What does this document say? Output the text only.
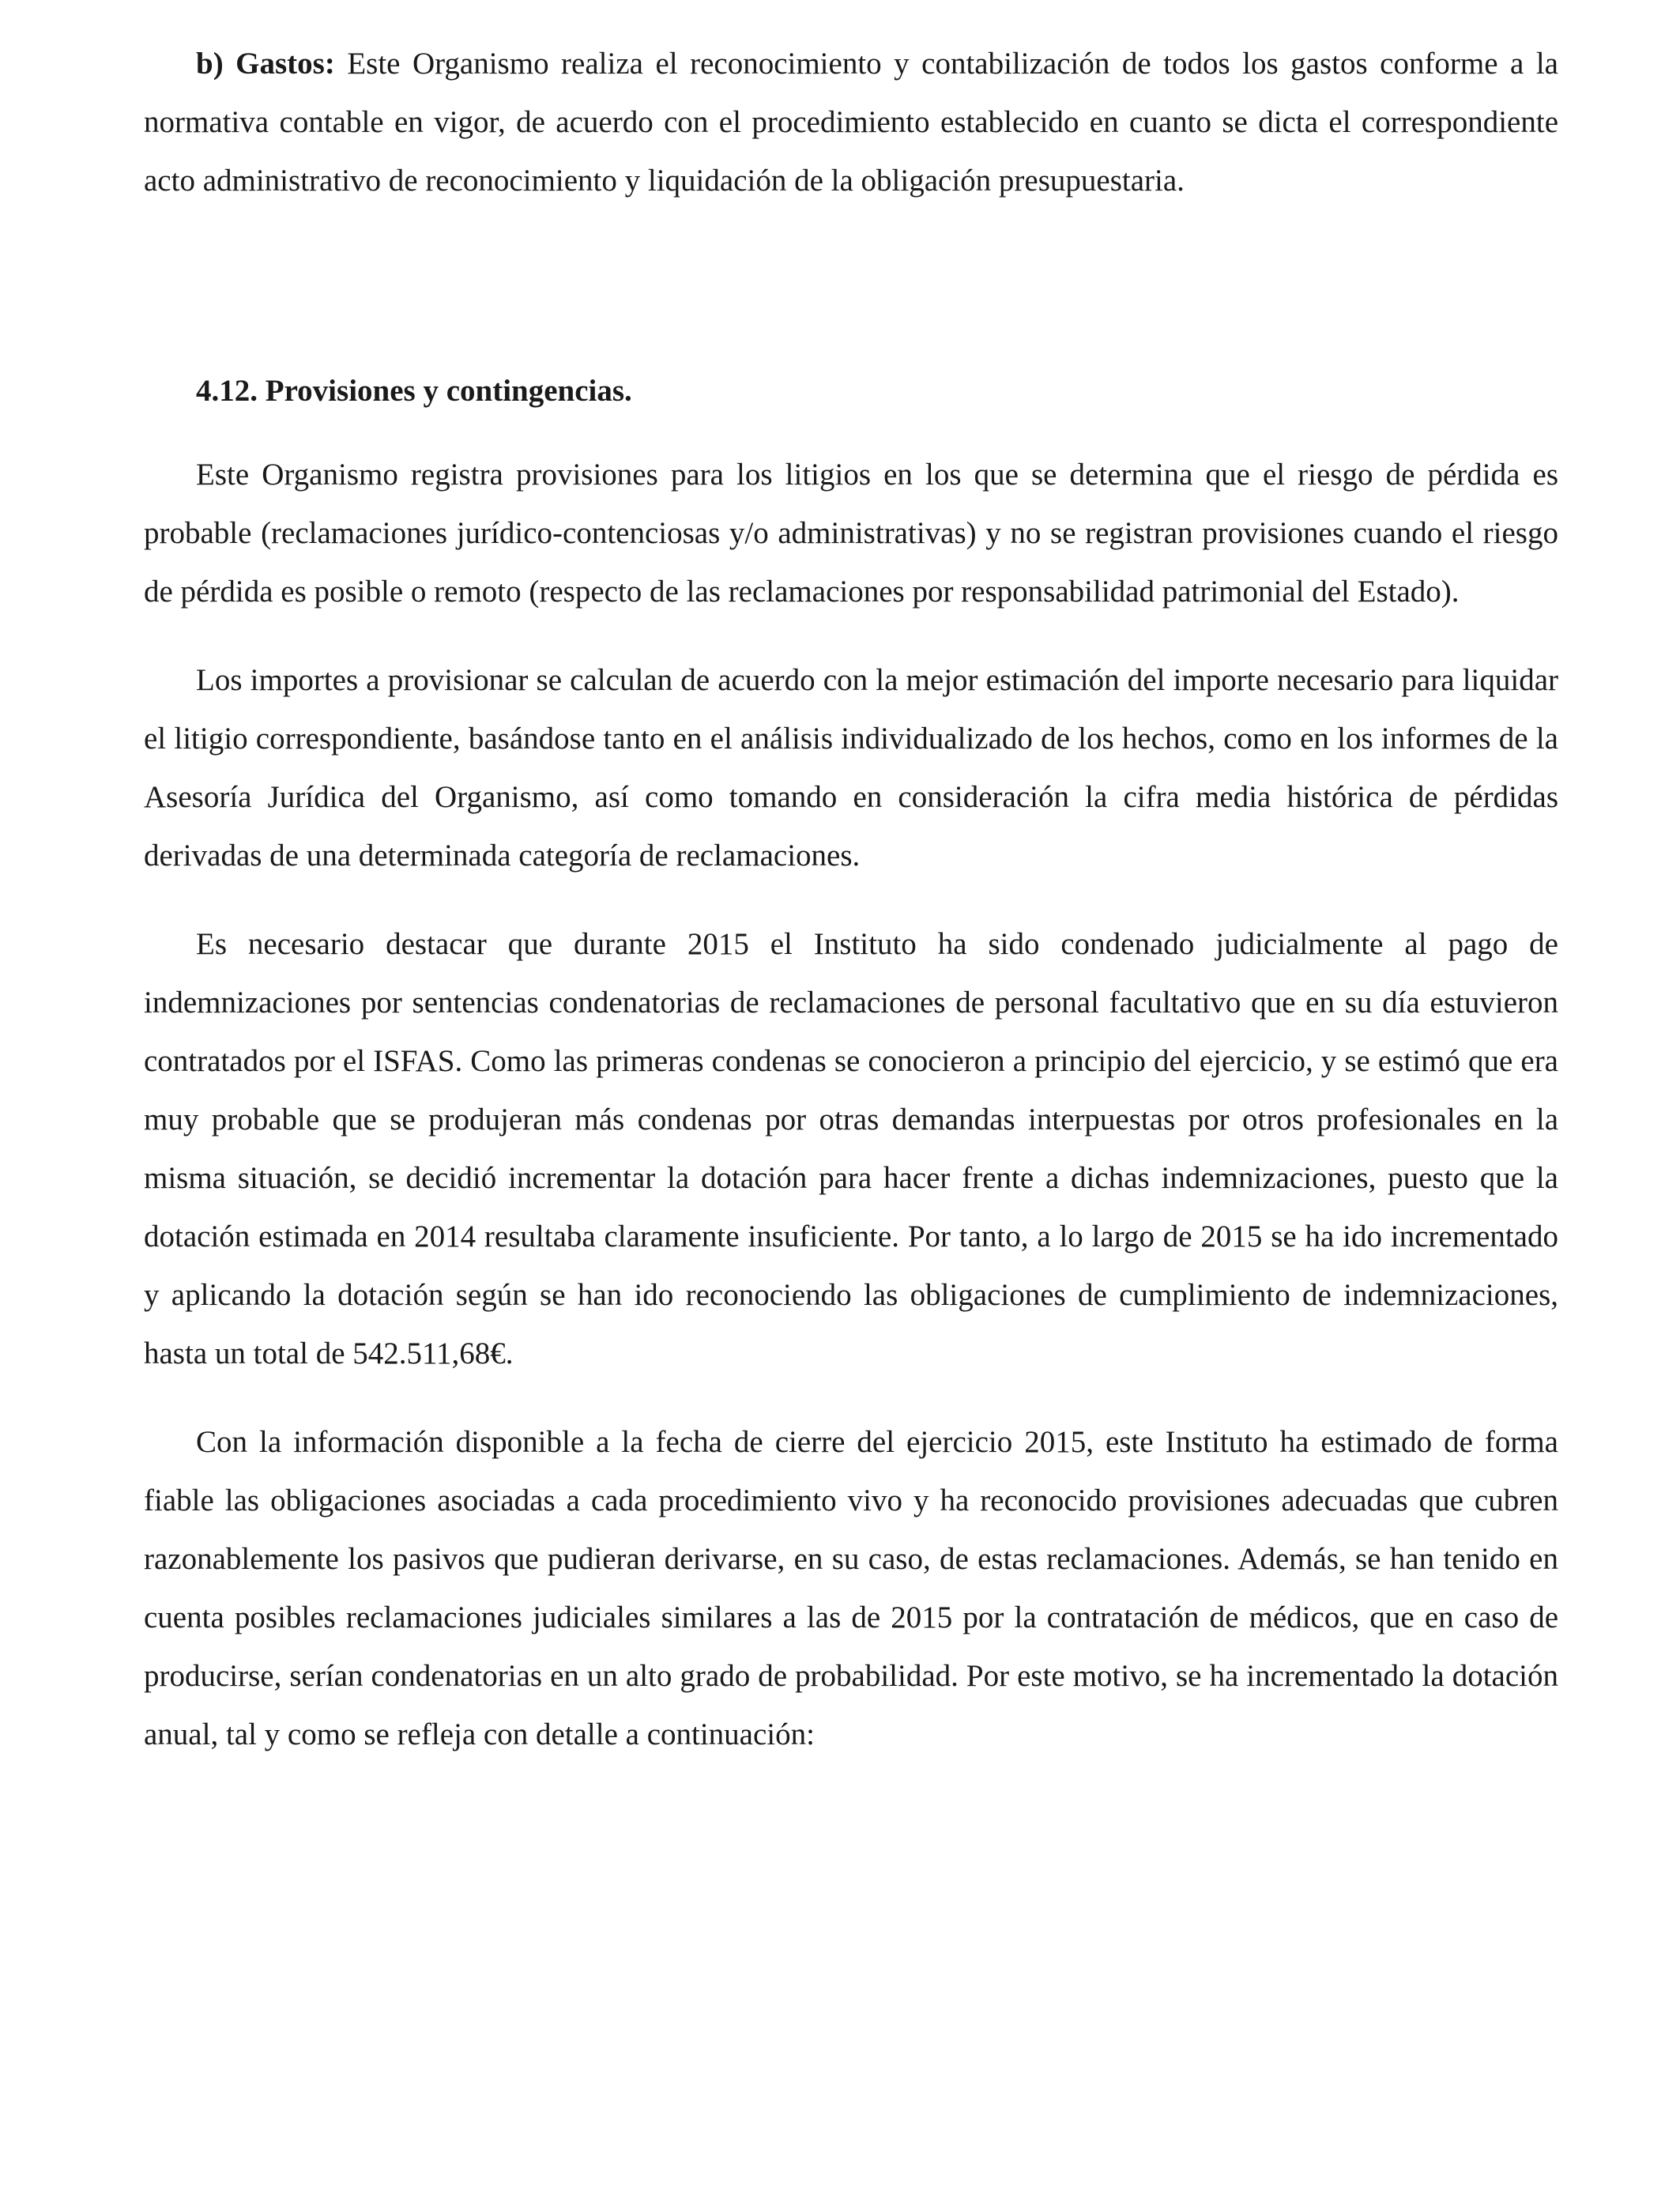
b) Gastos: Este Organismo realiza el reconocimiento y contabilización de todos los gastos conforme a la normativa contable en vigor, de acuerdo con el procedimiento establecido en cuanto se dicta el correspondiente acto administrativo de reconocimiento y liquidación de la obligación presupuestaria.

4.12. Provisiones y contingencias.

Este Organismo registra provisiones para los litigios en los que se determina que el riesgo de pérdida es probable (reclamaciones jurídico-contenciosas y/o administrativas) y no se registran provisiones cuando el riesgo de pérdida es posible o remoto (respecto de las reclamaciones por responsabilidad patrimonial del Estado).

Los importes a provisionar se calculan de acuerdo con la mejor estimación del importe necesario para liquidar el litigio correspondiente, basándose tanto en el análisis individualizado de los hechos, como en los informes de la Asesoría Jurídica del Organismo, así como tomando en consideración la cifra media histórica de pérdidas derivadas de una determinada categoría de reclamaciones.

Es necesario destacar que durante 2015 el Instituto ha sido condenado judicialmente al pago de indemnizaciones por sentencias condenatorias de reclamaciones de personal facultativo que en su día estuvieron contratados por el ISFAS. Como las primeras condenas se conocieron a principio del ejercicio, y se estimó que era muy probable que se produjeran más condenas por otras demandas interpuestas por otros profesionales en la misma situación, se decidió incrementar la dotación para hacer frente a dichas indemnizaciones, puesto que la dotación estimada en 2014 resultaba claramente insuficiente. Por tanto, a lo largo de 2015 se ha ido incrementado y aplicando la dotación según se han ido reconociendo las obligaciones de cumplimiento de indemnizaciones, hasta un total de 542.511,68€.

Con la información disponible a la fecha de cierre del ejercicio 2015, este Instituto ha estimado de forma fiable las obligaciones asociadas a cada procedimiento vivo y ha reconocido provisiones adecuadas que cubren razonablemente los pasivos que pudieran derivarse, en su caso, de estas reclamaciones. Además, se han tenido en cuenta posibles reclamaciones judiciales similares a las de 2015 por la contratación de médicos, que en caso de producirse, serían condenatorias en un alto grado de probabilidad. Por este motivo, se ha incrementado la dotación anual, tal y como se refleja con detalle a continuación:
